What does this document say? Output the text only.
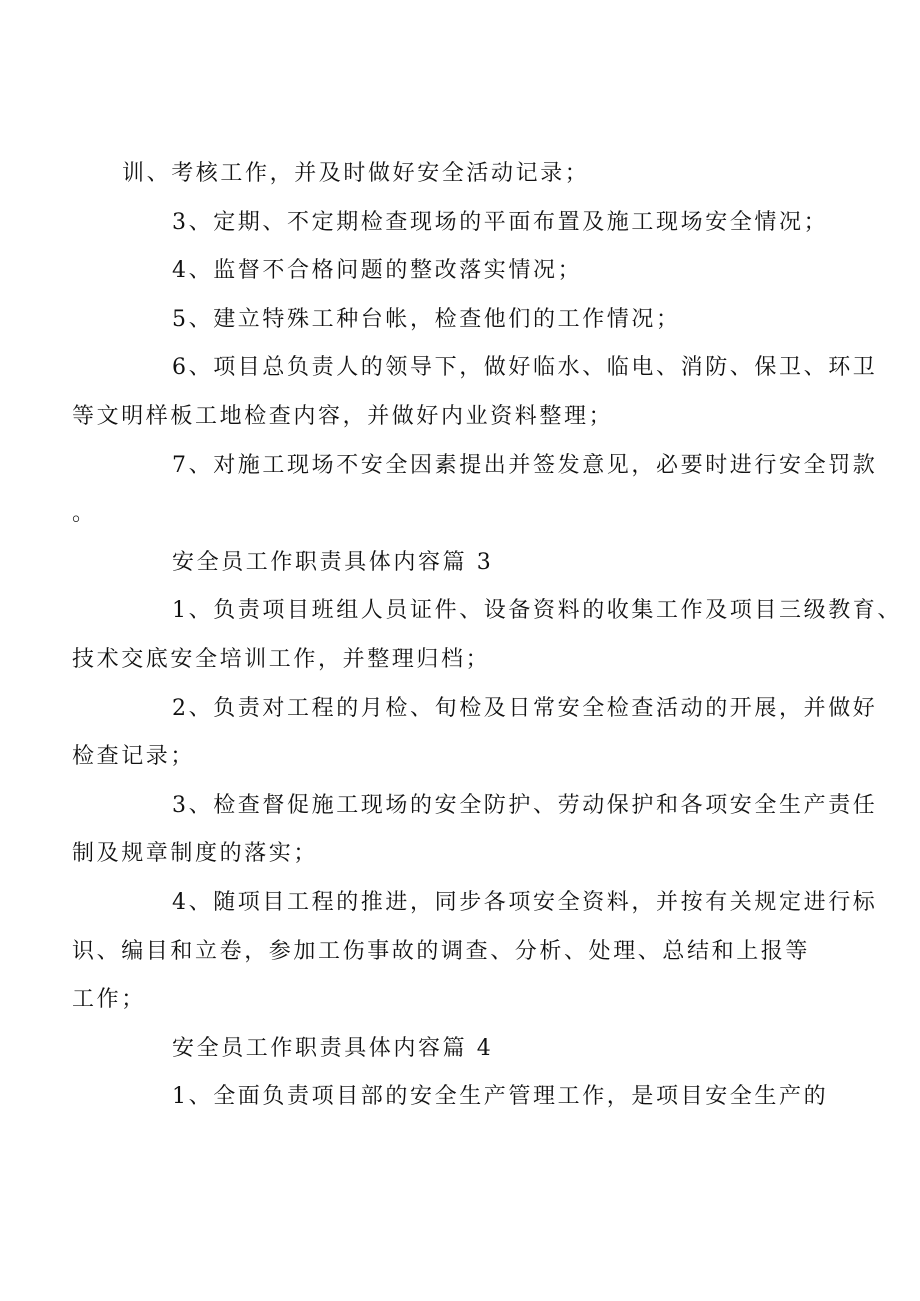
训、考核工作，并及时做好安全活动记录；

3、定期、不定期检查现场的平面布置及施工现场安全情况；

4、监督不合格问题的整改落实情况；

5、建立特殊工种台帐，检查他们的工作情况；

6、项目总负责人的领导下，做好临水、临电、消防、保卫、环卫
等文明样板工地检查内容，并做好内业资料整理；

7、对施工现场不安全因素提出并签发意见，必要时进行安全罚款
。

安全员工作职责具体内容篇 3

1、负责项目班组人员证件、设备资料的收集工作及项目三级教育、
技术交底安全培训工作，并整理归档；

2、负责对工程的月检、旬检及日常安全检查活动的开展，并做好
检查记录；

3、检查督促施工现场的安全防护、劳动保护和各项安全生产责任
制及规章制度的落实；

4、随项目工程的推进，同步各项安全资料，并按有关规定进行标
识、编目和立卷，参加工伤事故的调查、分析、处理、总结和上报等
工作；

安全员工作职责具体内容篇 4

1、全面负责项目部的安全生产管理工作，是项目安全生产的
